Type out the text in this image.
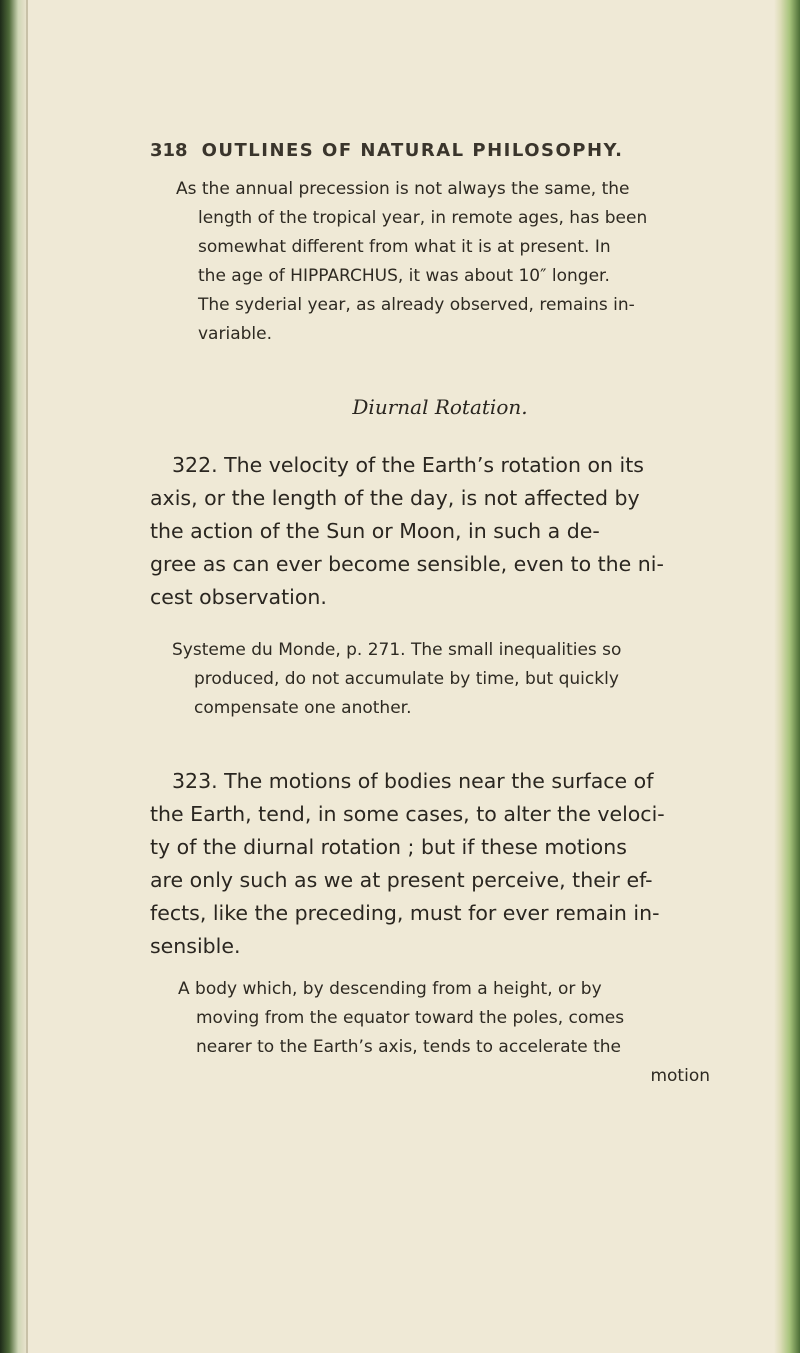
318 OUTLINES OF NATURAL PHILOSOPHY.
As the annual precession is not always the same, the
length of the tropical year, in remote ages, has been
somewhat different from what it is at present. In
the age of HIPPARCHUS, it was about 10″ longer.
The syderial year, as already observed, remains in-
variable.
Diurnal Rotation.
322. The velocity of the Earth’s rotation on its
axis, or the length of the day, is not affected by
the action of the Sun or Moon, in such a de-
gree as can ever become sensible, even to the ni-
cest observation.
Systeme du Monde, p. 271. The small inequalities so
produced, do not accumulate by time, but quickly
compensate one another.
323. The motions of bodies near the surface of
the Earth, tend, in some cases, to alter the veloci-
ty of the diurnal rotation ; but if these motions
are only such as we at present perceive, their ef-
fects, like the preceding, must for ever remain in-
sensible.
A body which, by descending from a height, or by
moving from the equator toward the poles, comes
nearer to the Earth’s axis, tends to accelerate the
motion
